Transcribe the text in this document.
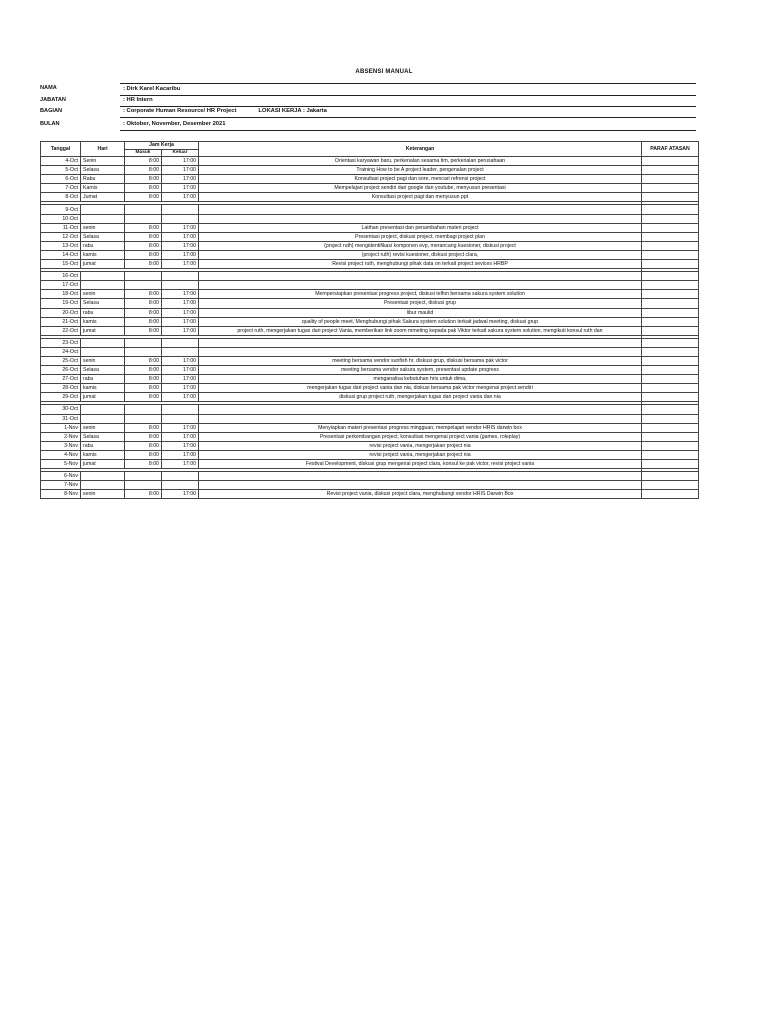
ABSENSI MANUAL
NAMA	: Dirk Karel Kacaribu
JABATAN	: HR Intern
BAGIAN	: Corporate Human Resource/ HR Project	LOKASI KERJA : Jakarta
BULAN	: Oktober, November, Desember 2021
Tanggal	Hari	Jam Kerja		Keterangan	PARAF ATASAN
		Masuk	Keluar		
4-Oct	Senin	8:00	17:00	Orientasi karyawan baru, perkenalan sesama tim, perkenalan perusahaan	
5-Oct	Selasa	8:00	17:00	Training How to be A project leader, pengenalan project	
6-Oct	Rabu	8:00	17:00	Konsultasi project pagi dan sore, mencari refrensi project	
7-Oct	Kamis	8:00	17:00	Mempelajari project sendiri dari google dan youtube, menyusun presentasi	
8-Oct	Jumat	8:00	17:00	Konsultasi project pagi dan menyusun ppt	

9-Oct					
10-Oct					
11-Oct	senin	8:00	17:00	Latihan presentasi dan penambahan materi project	
12-Oct	Selasa	8:00	17:00	Presentasi project, diskusi project, membagi project plan	
13-Oct	rabu	8:00	17:00	(project ruth) mengidentifikasi komponen evp, merancang kuesioner, diskusi project	
14-Oct	kamis	8:00	17:00	(project ruth) revisi kuesioner, diskusi project clara,	
15-Oct	jumat	8:00	17:00	Revisi project ruth, menghubungi pihak data on terkait project sevices HRBP	

16-Oct					
17-Oct					
18-Oct	senin	8:00	17:00	Mempersiapkan presentasi progress project, diskusi telfon bersama sakura system solution	
19-Oct	Selasa	8:00	17:00	Presentasi project, diskusi grup	
20-Oct	rabu	8:00	17:00	libur maulid	
21-Oct	kamis	8:00	17:00	quality of people meet, Menghubungi pihak Sakura system solution terkait jadwal meeting, diskusi grup	
22-Oct	jumat	8:00	17:00	project ruth, mengerjakan tugas dari project Vania, memberikan link zoom mmeting kepada pak Viktor terkait sakura system solution, mengikuti konsul ruth dan	

23-Oct					
24-Oct					
25-Oct	senin	8:00	17:00	meeting bersama vendor sunfish hr, diskusi grup, diskusi bersama pak victor	
26-Oct	Selasa	8:00	17:00	meeting bersama vendor sakura system, presentasi update progress	
27-Oct	rabu	8:00	17:00	menganalisa kebutuhan hris untuk dima,	
28-Oct	kamis	8:00	17:00	mengerjakan tugas dari project vania dan nia, diskusi bersama pak victor mengenai project sendiri	
29-Oct	jumat	8:00	17:00	diskusi grup project ruth, mengerjakan tugas dari project vania dan nia	

30-Oct					
31-Oct					
1-Nov	senin	8:00	17:00	Menyiapkan materi presentasi progress mingguan, mempelajari vendor HRIS darwin box	
2-Nov	Selasa	8:00	17:00	Presentasi perkembangan project, konsultasi mengenai project vania (games, roleplay)	
3-Nov	rabu	8:00	17:00	revisi project vania, mengerjakan project nia	
4-Nov	kamis	8:00	17:00	revisi project vania, mengerjakan project nia	
5-Nov	jumat	8:00	17:00	Festival Development, diskusi grup mengenai project clara, konsul ke pak victor, revisi project vania	

6-Nov					
7-Nov					
8-Nov	senin	8:00	17:00	Revisi project vania, diskusi project clara, menghubungi vendor HRIS Darwin Box	
